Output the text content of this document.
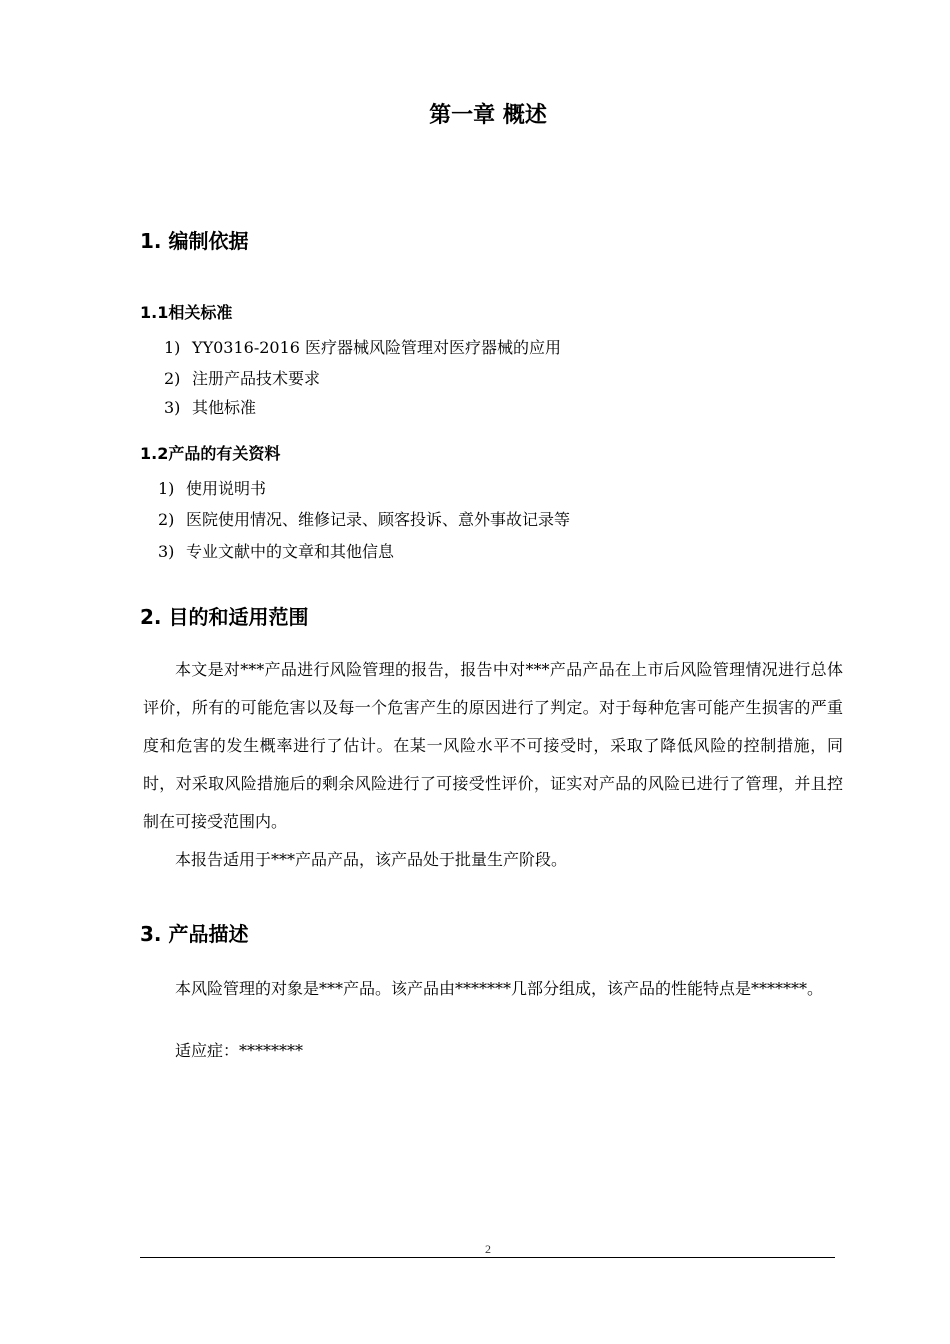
第一章 概述
1. 编制依据
1.1相关标准
1) YY0316-2016 医疗器械风险管理对医疗器械的应用
2) 注册产品技术要求
3) 其他标准
1.2产品的有关资料
1) 使用说明书
2) 医院使用情况、维修记录、顾客投诉、意外事故记录等
3) 专业文献中的文章和其他信息
2. 目的和适用范围
本文是对***产品进行风险管理的报告，报告中对***产品产品在上市后风险管理情况进行总体评价，所有的可能危害以及每一个危害产生的原因进行了判定。对于每种危害可能产生损害的严重度和危害的发生概率进行了估计。在某一风险水平不可接受时，采取了降低风险的控制措施，同时，对采取风险措施后的剩余风险进行了可接受性评价，证实对产品的风险已进行了管理，并且控制在可接受范围内。
本报告适用于***产品产品，该产品处于批量生产阶段。
3. 产品描述
本风险管理的对象是***产品。该产品由*******几部分组成，该产品的性能特点是*******。
适应症：********
2
